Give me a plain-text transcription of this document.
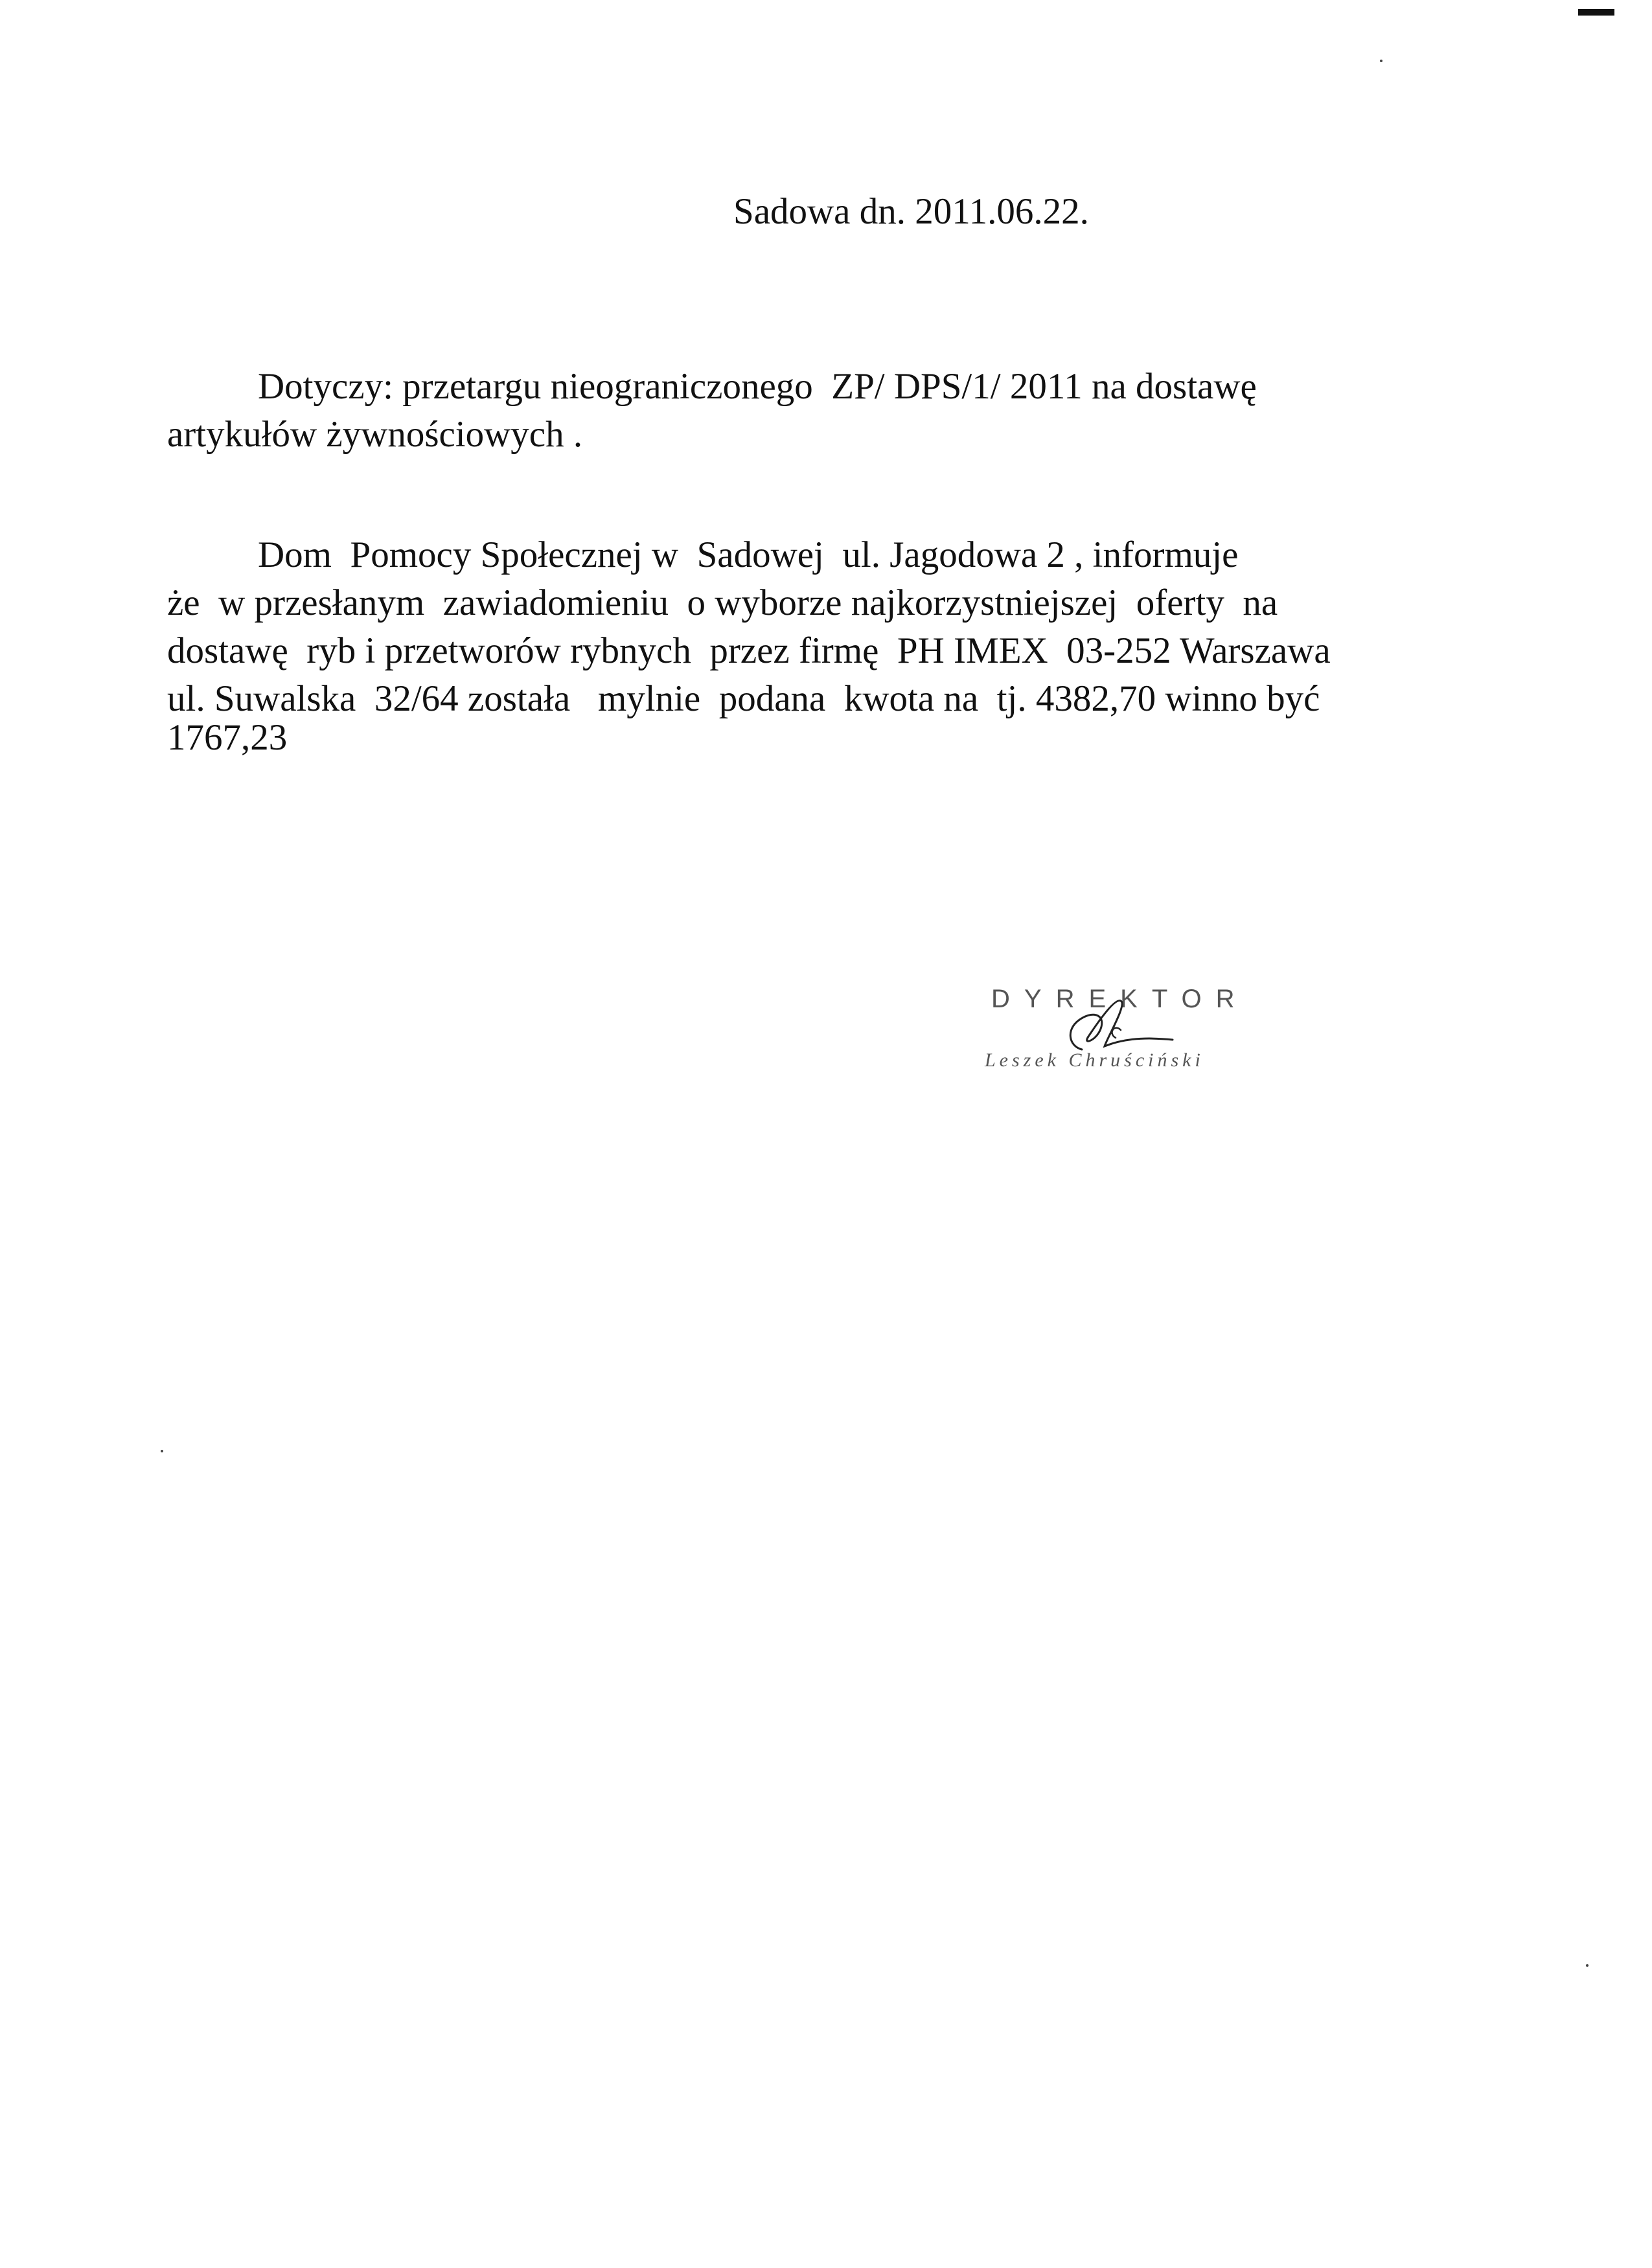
Sadowa dn. 2011.06.22.
Dotyczy: przetargu nieograniczonego  ZP/ DPS/1/ 2011 na dostawę
artykułów żywnościowych .
Dom  Pomocy Społecznej w  Sadowej  ul. Jagodowa 2 , informuje
że  w przesłanym  zawiadomieniu  o wyborze najkorzystniejszej  oferty  na
dostawę  ryb i przetworów rybnych  przez firmę  PH IMEX  03-252 Warszawa
ul. Suwalska  32/64 została   mylnie  podana  kwota na  tj. 4382,70 winno być
1767,23
DYREKTOR
Leszek Chruściński
